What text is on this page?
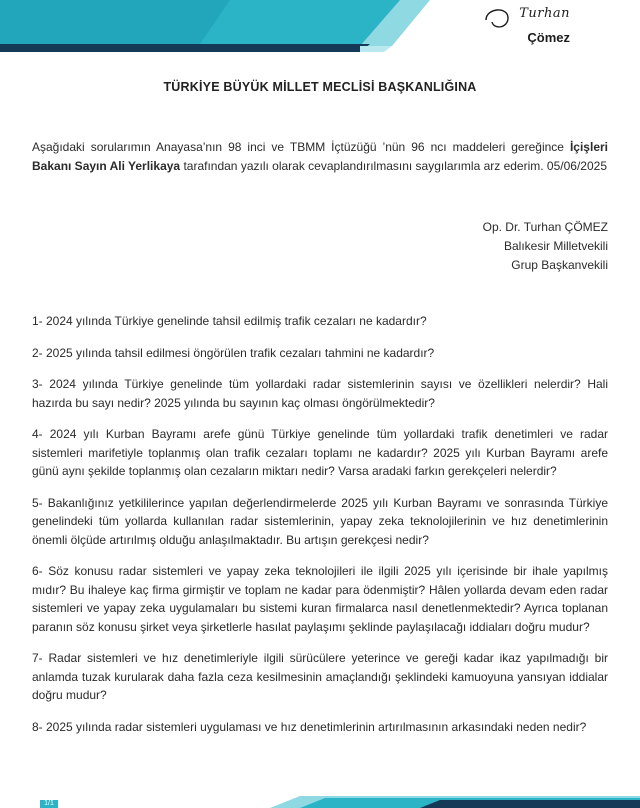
Turhan
Çömez
TÜRKİYE BÜYÜK MİLLET MECLİSİ BAŞKANLIĞINA
Aşağıdaki sorularımın Anayasa’nın 98 inci ve TBMM İçtüzüğü ’nün 96 ncı maddeleri gereğince İçişleri Bakanı Sayın Ali Yerlikaya tarafından yazılı olarak cevaplandırılmasını saygılarımla arz ederim. 05/06/2025
Op. Dr. Turhan ÇÖMEZ
Balıkesir Milletvekili
Grup Başkanvekili

1- 2024 yılında Türkiye genelinde tahsil edilmiş trafik cezaları ne kadardır?

2- 2025 yılında tahsil edilmesi öngörülen trafik cezaları tahmini ne kadardır?

3- 2024 yılında Türkiye genelinde tüm yollardaki radar sistemlerinin sayısı ve özellikleri nelerdir? Hali hazırda bu sayı nedir? 2025 yılında bu sayının kaç olması öngörülmektedir?

4- 2024 yılı Kurban Bayramı arefe günü Türkiye genelinde tüm yollardaki trafik denetimleri ve radar sistemleri marifetiyle toplanmış olan trafik cezaları toplamı ne kadardır? 2025 yılı Kurban Bayramı arefe günü aynı şekilde toplanmış olan cezaların miktarı nedir? Varsa aradaki farkın gerekçeleri nelerdir?

5- Bakanlığınız yetkililerince yapılan değerlendirmelerde 2025 yılı Kurban Bayramı ve sonrasında Türkiye genelindeki tüm yollarda kullanılan radar sistemlerinin, yapay zeka teknolojilerinin ve hız denetimlerinin önemli ölçüde artırılmış olduğu anlaşılmaktadır. Bu artışın gerekçesi nedir?

6- Söz konusu radar sistemleri ve yapay zeka teknolojileri ile ilgili 2025 yılı içerisinde bir ihale yapılmış mıdır? Bu ihaleye kaç firma girmiştir ve toplam ne kadar para ödenmiştir? Hâlen yollarda devam eden radar sistemleri ve yapay zeka uygulamaları bu sistemi kuran firmalarca nasıl denetlenmektedir? Ayrıca toplanan paranın söz konusu şirket veya şirketlerle hasılat paylaşımı şeklinde paylaşılacağı iddiaları doğru mudur?

7- Radar sistemleri ve hız denetimleriyle ilgili sürücülere yeterince ve gereği kadar ikaz yapılmadığı bir anlamda tuzak kurularak daha fazla ceza kesilmesinin amaçlandığı şeklindeki kamuoyuna yansıyan iddialar doğru mudur?

8- 2025 yılında radar sistemleri uygulaması ve hız denetimlerinin artırılmasının arkasındaki neden nedir?

1/1
